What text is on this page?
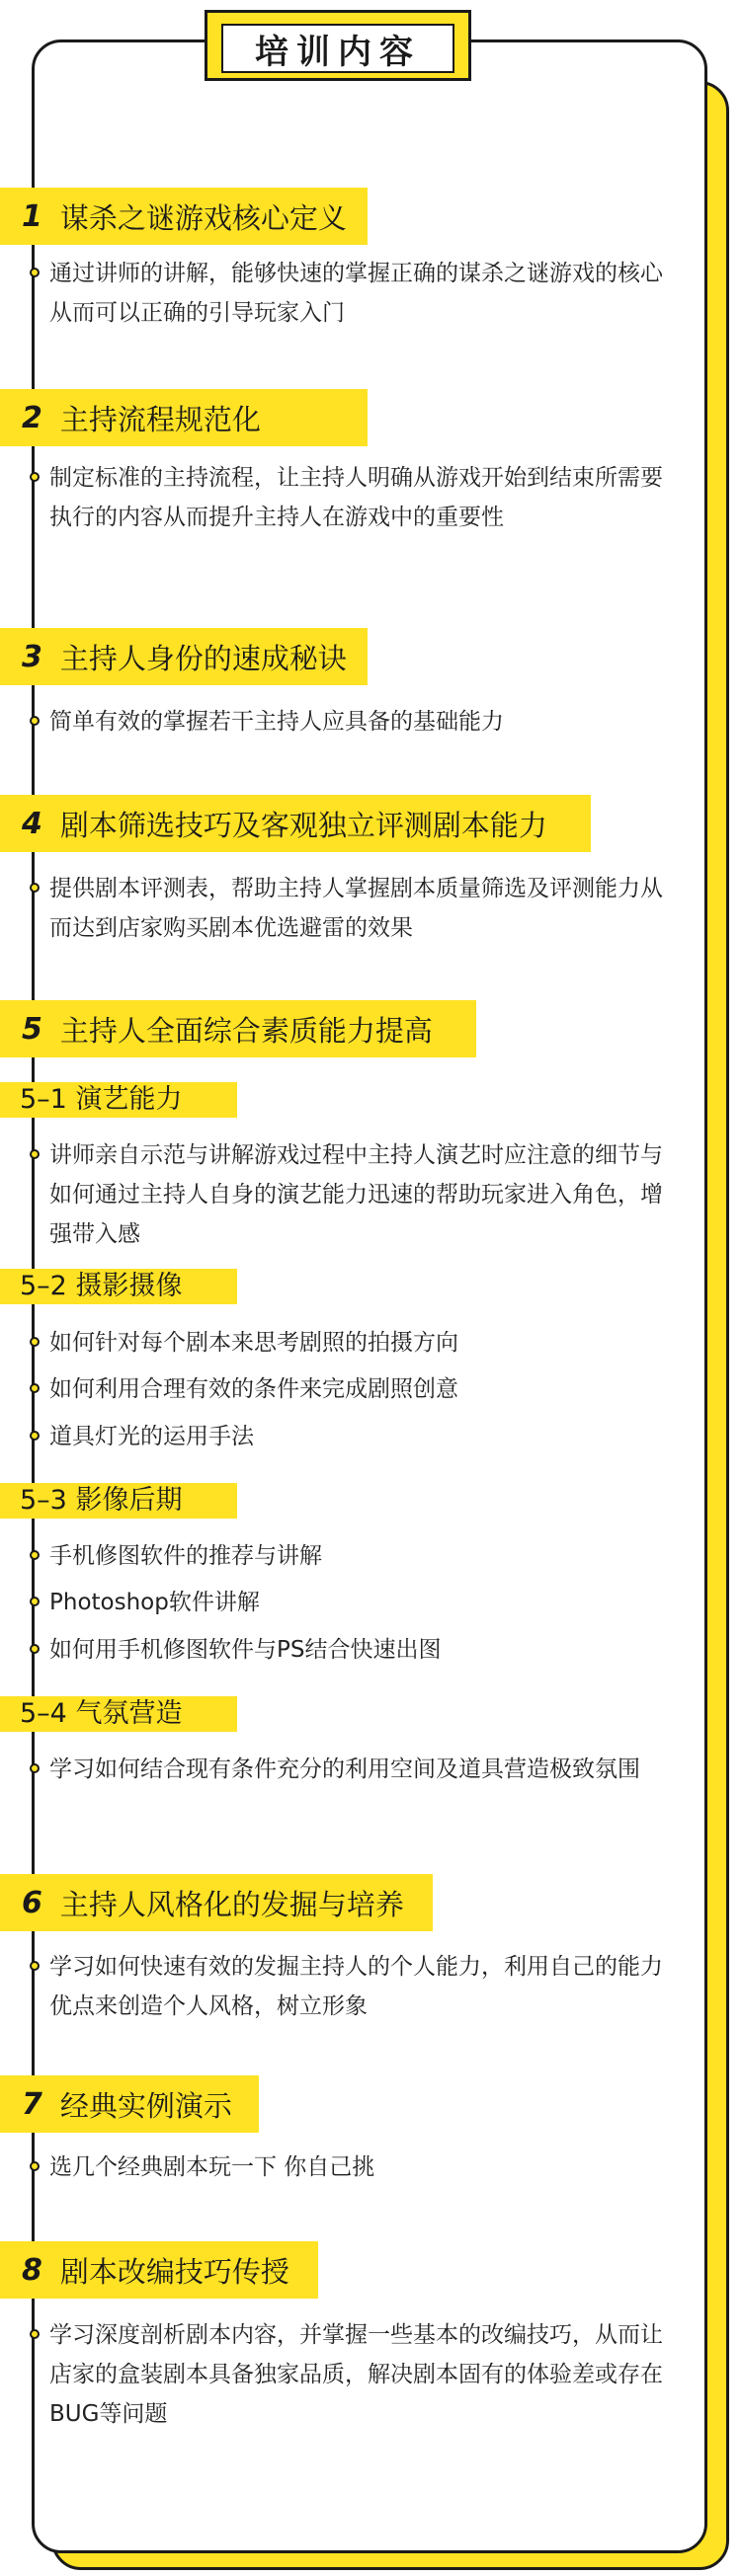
培训内容
1 谋杀之谜游戏核心定义
通过讲师的讲解，能够快速的掌握正确的谋杀之谜游戏的核心从而可以正确的引导玩家入门
2 主持流程规范化
制定标准的主持流程，让主持人明确从游戏开始到结束所需要执行的内容从而提升主持人在游戏中的重要性
3 主持人身份的速成秘诀
简单有效的掌握若干主持人应具备的基础能力
4 剧本筛选技巧及客观独立评测剧本能力
提供剧本评测表，帮助主持人掌握剧本质量筛选及评测能力从而达到店家购买剧本优选避雷的效果
5 主持人全面综合素质能力提高
5–1 演艺能力
讲师亲自示范与讲解游戏过程中主持人演艺时应注意的细节与如何通过主持人自身的演艺能力迅速的帮助玩家进入角色，增强带入感
5–2 摄影摄像
如何针对每个剧本来思考剧照的拍摄方向
如何利用合理有效的条件来完成剧照创意
道具灯光的运用手法
5–3 影像后期
手机修图软件的推荐与讲解
Photoshop软件讲解
如何用手机修图软件与PS结合快速出图
5–4 气氛营造
学习如何结合现有条件充分的利用空间及道具营造极致氛围
6 主持人风格化的发掘与培养
学习如何快速有效的发掘主持人的个人能力，利用自己的能力优点来创造个人风格，树立形象
7 经典实例演示
选几个经典剧本玩一下 你自己挑
8 剧本改编技巧传授
学习深度剖析剧本内容，并掌握一些基本的改编技巧，从而让店家的盒装剧本具备独家品质，解决剧本固有的体验差或存在BUG等问题
